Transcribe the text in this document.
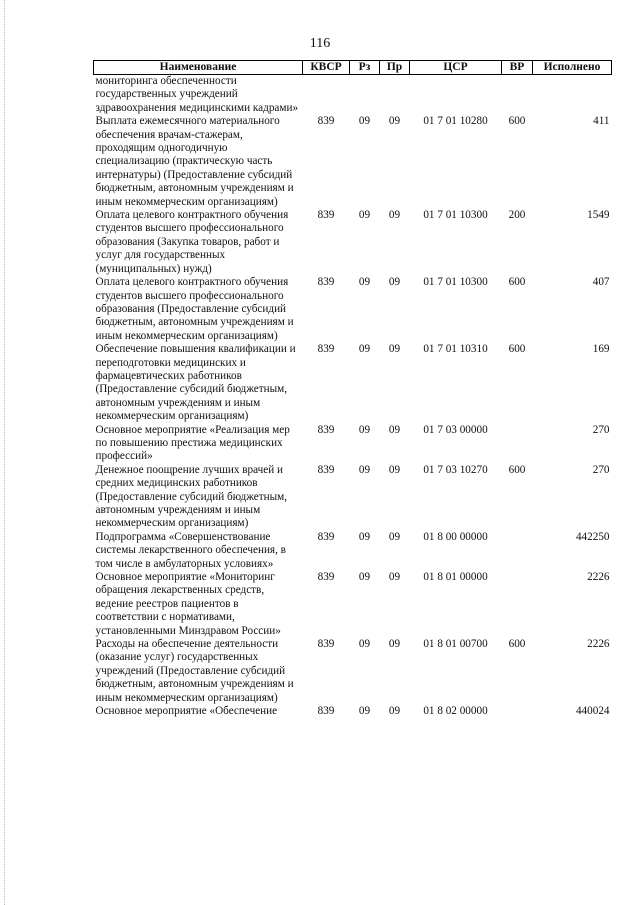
116
Наименование	КВСР	Рз	Пр	ЦСР	ВР	Исполнено
мониторинга обеспеченности государственных учреждений здравоохранения медицинскими кадрами»						
Выплата ежемесячного материального обеспечения врачам-стажерам, проходящим одногодичную специализацию (практическую часть интернатуры) (Предоставление субсидий бюджетным, автономным учреждениям и иным некоммерческим организациям)	839	09	09	01 7 01 10280	600	411
Оплата целевого контрактного обучения студентов высшего профессионального образования (Закупка товаров, работ и услуг для государственных (муниципальных) нужд)	839	09	09	01 7 01 10300	200	1549
Оплата целевого контрактного обучения студентов высшего профессионального образования (Предоставление субсидий бюджетным, автономным учреждениям и иным некоммерческим организациям)	839	09	09	01 7 01 10300	600	407
Обеспечение повышения квалификации и переподготовки медицинских и фармацевтических работников (Предоставление субсидий бюджетным, автономным учреждениям и иным некоммерческим организациям)	839	09	09	01 7 01 10310	600	169
Основное мероприятие «Реализация мер по повышению престижа медицинских профессий»	839	09	09	01 7 03 00000		270
Денежное поощрение лучших врачей и средних медицинских работников (Предоставление субсидий бюджетным, автономным учреждениям и иным некоммерческим организациям)	839	09	09	01 7 03 10270	600	270
Подпрограмма «Совершенствование системы лекарственного обеспечения, в том числе в амбулаторных условиях»	839	09	09	01 8 00 00000		442250
Основное мероприятие «Мониторинг обращения лекарственных средств, ведение реестров пациентов в соответствии с нормативами, установленными Минздравом России»	839	09	09	01 8 01 00000		2226
Расходы на обеспечение деятельности (оказание услуг) государственных учреждений (Предоставление субсидий бюджетным, автономным учреждениям и иным некоммерческим организациям)	839	09	09	01 8 01 00700	600	2226
Основное мероприятие «Обеспечение	839	09	09	01 8 02 00000		440024
